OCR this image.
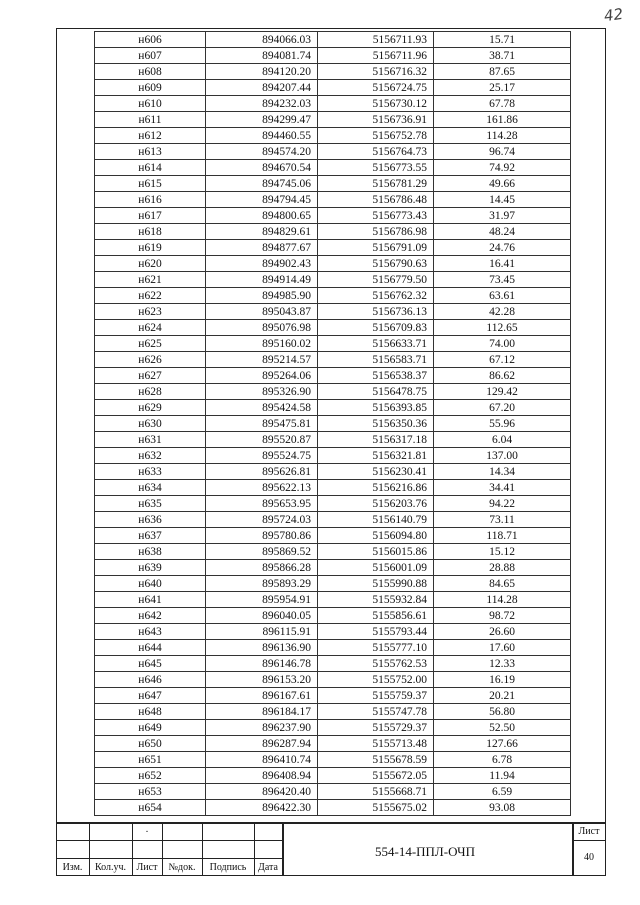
42
н606	894066.03	5156711.93	15.71
н607	894081.74	5156711.96	38.71
н608	894120.20	5156716.32	87.65
н609	894207.44	5156724.75	25.17
н610	894232.03	5156730.12	67.78
н611	894299.47	5156736.91	161.86
н612	894460.55	5156752.78	114.28
н613	894574.20	5156764.73	96.74
н614	894670.54	5156773.55	74.92
н615	894745.06	5156781.29	49.66
н616	894794.45	5156786.48	14.45
н617	894800.65	5156773.43	31.97
н618	894829.61	5156786.98	48.24
н619	894877.67	5156791.09	24.76
н620	894902.43	5156790.63	16.41
н621	894914.49	5156779.50	73.45
н622	894985.90	5156762.32	63.61
н623	895043.87	5156736.13	42.28
н624	895076.98	5156709.83	112.65
н625	895160.02	5156633.71	74.00
н626	895214.57	5156583.71	67.12
н627	895264.06	5156538.37	86.62
н628	895326.90	5156478.75	129.42
н629	895424.58	5156393.85	67.20
н630	895475.81	5156350.36	55.96
н631	895520.87	5156317.18	6.04
н632	895524.75	5156321.81	137.00
н633	895626.81	5156230.41	14.34
н634	895622.13	5156216.86	34.41
н635	895653.95	5156203.76	94.22
н636	895724.03	5156140.79	73.11
н637	895780.86	5156094.80	118.71
н638	895869.52	5156015.86	15.12
н639	895866.28	5156001.09	28.88
н640	895893.29	5155990.88	84.65
н641	895954.91	5155932.84	114.28
н642	896040.05	5155856.61	98.72
н643	896115.91	5155793.44	26.60
н644	896136.90	5155777.10	17.60
н645	896146.78	5155762.53	12.33
н646	896153.20	5155752.00	16.19
н647	896167.61	5155759.37	20.21
н648	896184.17	5155747.78	56.80
н649	896237.90	5155729.37	52.50
н650	896287.94	5155713.48	127.66
н651	896410.74	5155678.59	6.78
н652	896408.94	5155672.05	11.94
н653	896420.40	5155668.71	6.59
н654	896422.30	5155675.02	93.08
.
Изм.	Кол.уч.	Лист	№док.	Подпись	Дата
Лист
40
554-14-ППЛ-ОЧП
